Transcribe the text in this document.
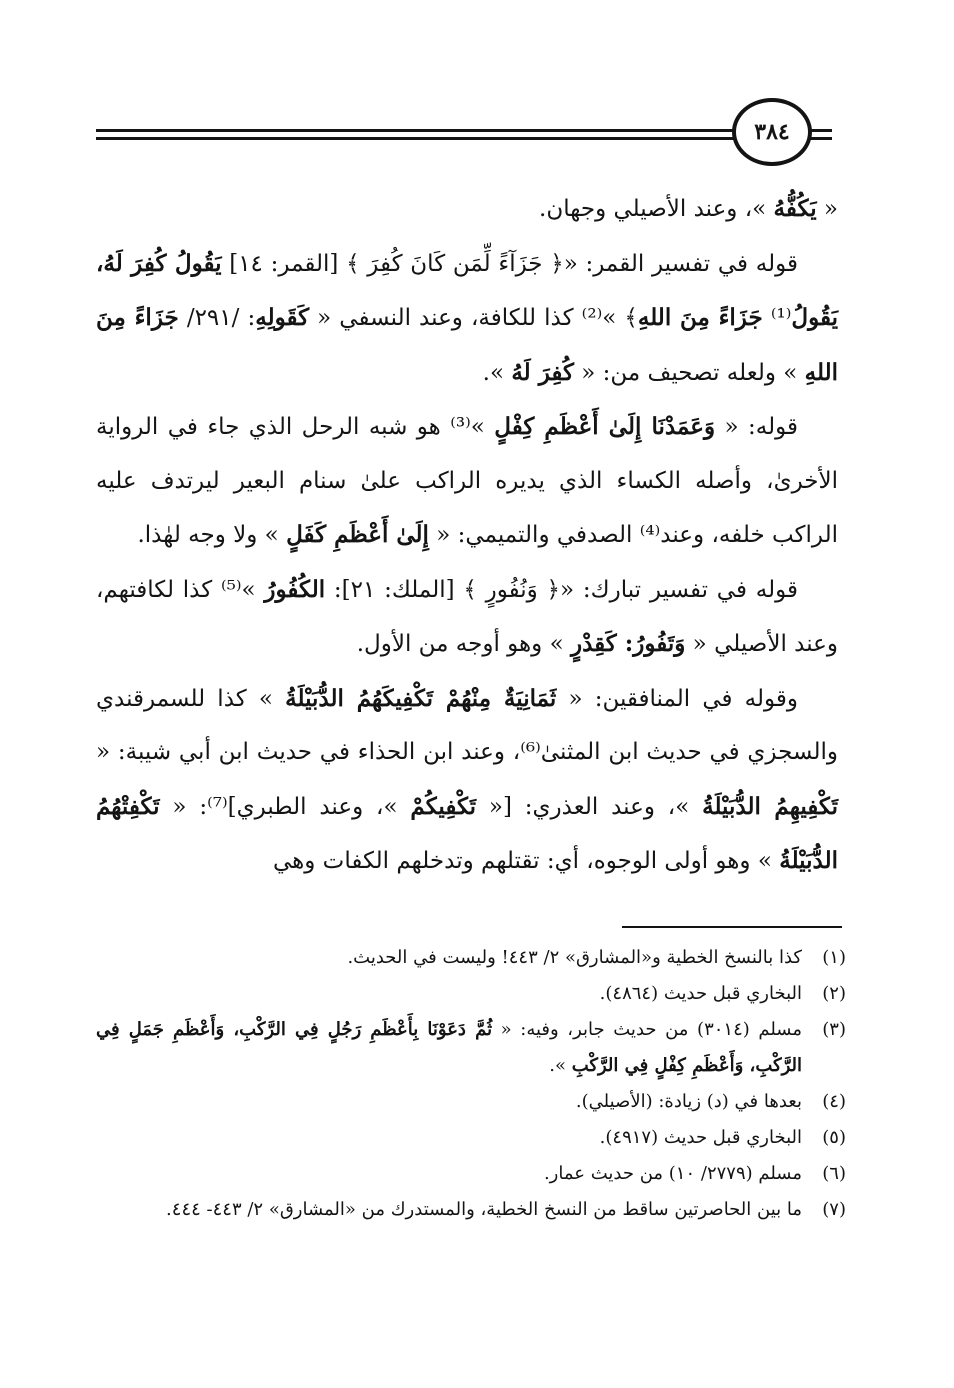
٣٨٤

« يَكُفُّهُ »، وعند الأصيلي وجهان.

قوله في تفسير القمر: «﴿ جَزَآءً لِّمَن كَانَ كُفِرَ ﴾ [القمر: ١٤] يَقُولُ كُفِرَ لَهُ، يَقُولُ⁽¹⁾ جَزَاءً مِنَ اللهِ﴾ »⁽²⁾ كذا للكافة، وعند النسفي « كَقَولِهِ: /٢٩١/ جَزَاءً مِنَ اللهِ » ولعله تصحيف من: « كُفِرَ لَهُ ».

قوله: « وَعَمَدْنَا إِلَىٰ أَعْظَمِ كِفْلٍ »⁽³⁾ هو شبه الرحل الذي جاء في الرواية الأخرىٰ، وأصله الكساء الذي يديره الراكب علىٰ سنام البعير ليرتدف عليه الراكب خلفه، وعند⁽⁴⁾ الصدفي والتميمي: « إِلَىٰ أَعْظَمِ كَفَلٍ » ولا وجه لهٰذا.

قوله في تفسير تبارك: «﴿ وَنُفُورٍ ﴾ [الملك: ٢١]: الكُفُورُ »⁽⁵⁾ كذا لكافتهم، وعند الأصيلي « وَتَفُورُ: كَقِدْرٍ » وهو أوجه من الأول.

وقوله في المنافقين: « ثَمَانِيَةٌ مِنْهُمْ تَكْفِيكَهُمُ الدُّبَيْلَةُ » كذا للسمرقندي والسجزي في حديث ابن المثنىٰ⁽⁶⁾، وعند ابن الحذاء في حديث ابن أبي شيبة: « تَكْفِيهِمُ الدُّبَيْلَةُ »، وعند العذري: [« تَكْفِيكُمْ »، وعند الطبري]⁽⁷⁾: « تَكْفِتْهُمُ الدُّبَيْلَةُ » وهو أولى الوجوه، أي: تقتلهم وتدخلهم الكفات وهي

(١)
كذا بالنسخ الخطية و«المشارق» ٢/ ٤٤٣! وليست في الحديث.
(٢)
البخاري قبل حديث (٤٨٦٤).
(٣)
مسلم (٣٠١٤) من حديث جابر، وفيه: « ثُمَّ دَعَوْنَا بِأَعْظَمِ رَجُلٍ فِي الرَّكْبِ، وَأَعْظَمِ جَمَلٍ فِي الرَّكْبِ، وَأَعْظَمِ كِفْلٍ فِي الرَّكْبِ ».
(٤)
بعدها في (د) زيادة: (الأصيلي).
(٥)
البخاري قبل حديث (٤٩١٧).
(٦)
مسلم (٢٧٧٩/ ١٠) من حديث عمار.
(٧)
ما بين الحاصرتين ساقط من النسخ الخطية، والمستدرك من «المشارق» ٢/ ٤٤٣- ٤٤٤.
